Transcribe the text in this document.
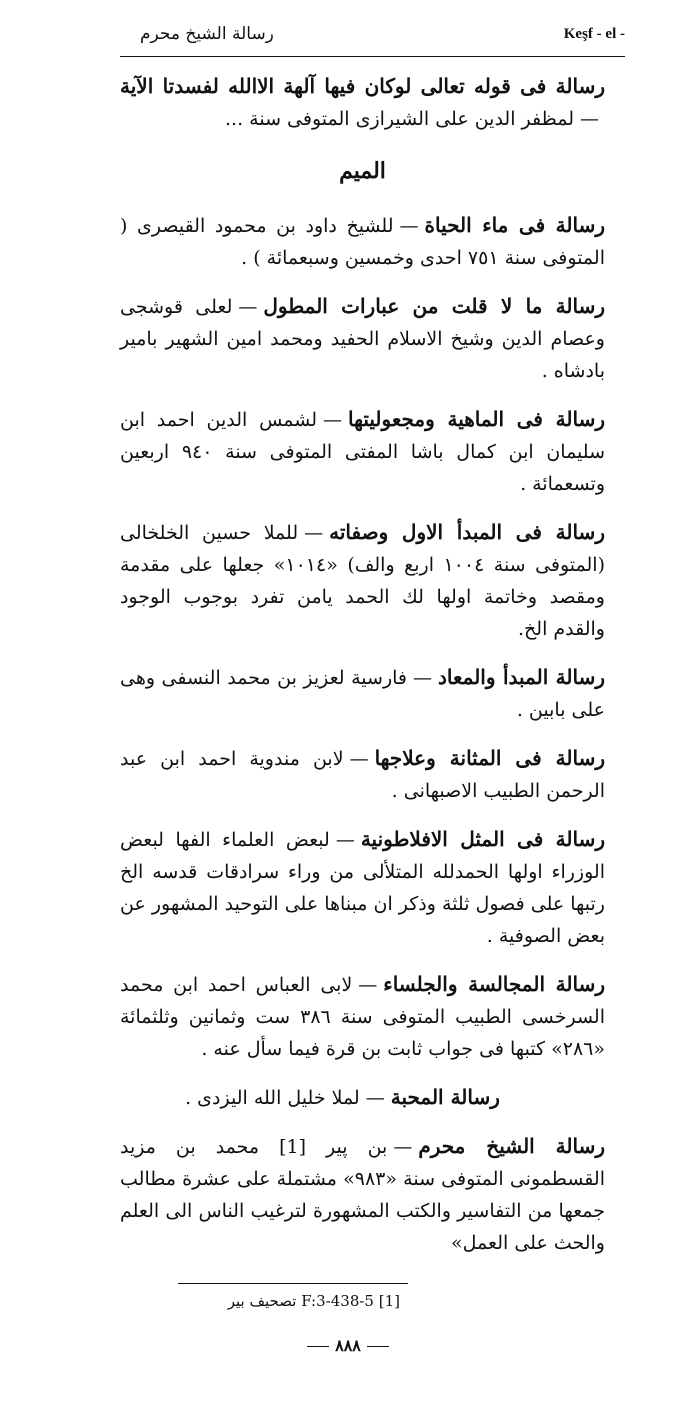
رسالة الشيخ محرم	Keşf - el -
رسالة فى قوله تعالى لوكان فيها آلهة الاالله لفسدتا الآية—لمظفر الدين على الشيرازى المتوفى سنة ...
الميم
رسالة فى ماء الحياة—للشيخ داود بن محمود القيصرى ( المتوفى سنة ٧٥١ احدى وخمسين وسبعمائة ) .
رسالة ما لا قلت من عبارات المطول—لعلى قوشجى وعصام الدين وشيخ الاسلام الحفيد ومحمد امين الشهير بامير بادشاه .
رسالة فى الماهية ومجعوليتها—لشمس الدين احمد ابن سليمان ابن كمال باشا المفتى المتوفى سنة ٩٤٠ اربعين وتسعمائة .
رسالة فى المبدأ الاول وصفاته—للملا حسين الخلخالى (المتوفى سنة ١٠٠٤ اربع والف) «١٠١٤» جعلها على مقدمة ومقصد وخاتمة اولها لك الحمد يامن تفرد بوجوب الوجود والقدم الخ.
رسالة المبدأ والمعاد—فارسية لعزيز بن محمد النسفى وهى على بابين .
رسالة فى المثانة وعلاجها—لابن مندوية احمد ابن عبد الرحمن الطبيب الاصبهانى .
رسالة فى المثل الافلاطونية—لبعض العلماء الفها لبعض الوزراء اولها الحمدلله المتلألى من وراء سرادقات قدسه الخ رتبها على فصول ثلثة وذكر ان مبناها على التوحيد المشهور عن بعض الصوفية .
رسالة المجالسة والجلساء—لابى العباس احمد ابن محمد السرخسى الطبيب المتوفى سنة ٣٨٦ ست وثمانين وثلثمائة «٢٨٦» كتبها فى جواب ثابت بن قرة فيما سأل عنه .
رسالة المحبة—لملا خليل الله اليزدى .
رسالة الشيخ محرم—بن پير [1] محمد بن مزيد القسطمونى المتوفى سنة «٩٨٣» مشتملة على عشرة مطالب جمعها من التفاسير والكتب المشهورة لترغيب الناس الى العلم والحث على العمل»
[1] F:3-438-5 تصحيف بير
٨٨٨
